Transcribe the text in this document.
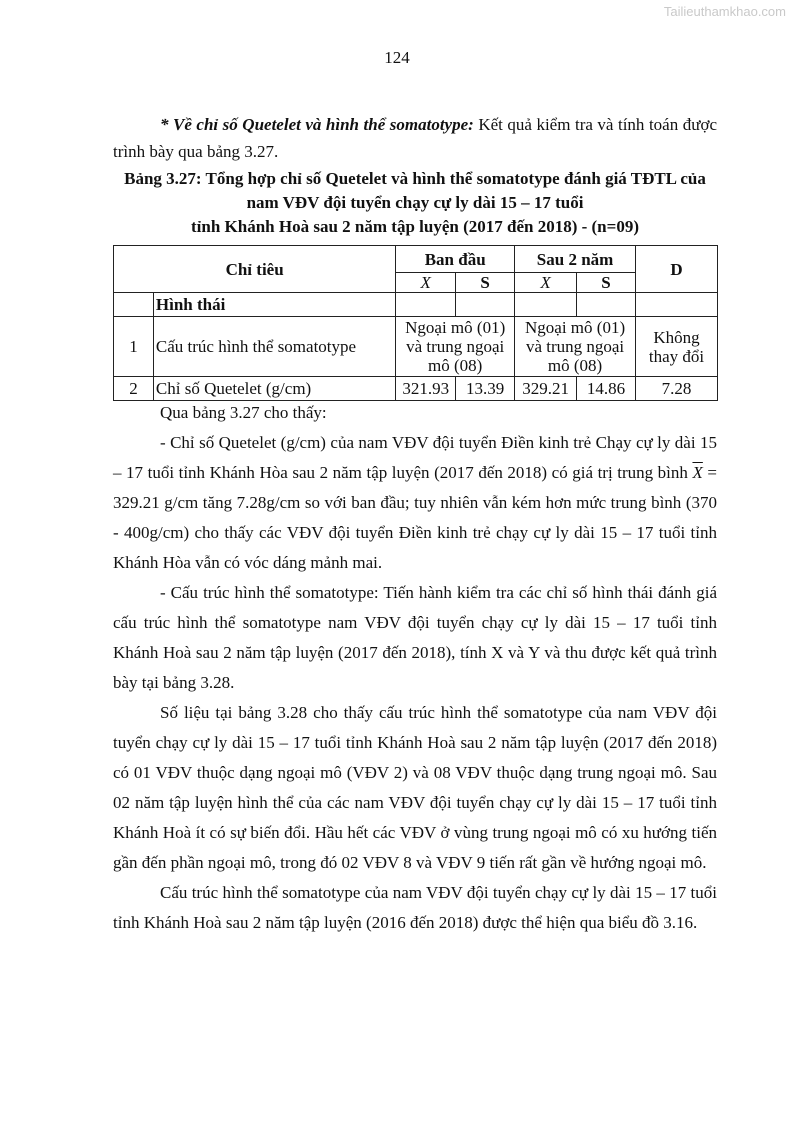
Tailieuthamkhao.com
124
* Về chỉ số Quetelet và hình thể somatotype: Kết quả kiểm tra và tính toán được trình bày qua bảng 3.27.
Bảng 3.27: Tổng hợp chỉ số Quetelet và hình thể somatotype đánh giá TĐTL của
nam VĐV đội tuyển chạy cự ly dài 15 – 17 tuổi
tỉnh Khánh Hoà sau 2 năm tập luyện (2017 đến 2018) - (n=09)
Chỉ tiêu		Ban đầu		Sau 2 năm		D
		$\overline{X}$	S	$\overline{X}$	S	
	Hình thái					
1	Cấu trúc hình thể somatotype	Ngoại mô (01) và trung ngoại mô (08)		Ngoại mô (01) và trung ngoại mô (08)		Không thay đổi
2	Chỉ số Quetelet (g/cm)	321.93	13.39	329.21	14.86	7.28

Qua bảng 3.27 cho thấy:

- Chỉ số Quetelet (g/cm) của nam VĐV đội tuyển Điền kinh trẻ Chạy cự ly dài 15 – 17 tuổi tỉnh Khánh Hòa sau 2 năm tập luyện (2017 đến 2018) có giá trị trung bình $\overline{X} = 329.21$ g/cm tăng 7.28g/cm so với ban đầu; tuy nhiên vẫn kém hơn mức trung bình (370 - 400g/cm) cho thấy các VĐV đội tuyển Điền kinh trẻ chạy cự ly dài 15 – 17 tuổi tỉnh Khánh Hòa vẫn có vóc dáng mảnh mai.

- Cấu trúc hình thể somatotype: Tiến hành kiểm tra các chỉ số hình thái đánh giá cấu trúc hình thể somatotype nam VĐV đội tuyển chạy cự ly dài 15 – 17 tuổi tỉnh Khánh Hoà sau 2 năm tập luyện (2017 đến 2018), tính X và Y và thu được kết quả trình bày tại bảng 3.28.

Số liệu tại bảng 3.28 cho thấy cấu trúc hình thể somatotype của nam VĐV đội tuyển chạy cự ly dài 15 – 17 tuổi tỉnh Khánh Hoà sau 2 năm tập luyện (2017 đến 2018) có 01 VĐV thuộc dạng ngoại mô (VĐV 2) và 08 VĐV thuộc dạng trung ngoại mô. Sau 02 năm tập luyện hình thể của các nam VĐV đội tuyển chạy cự ly dài 15 – 17 tuổi tỉnh Khánh Hoà ít có sự biến đổi. Hầu hết các VĐV ở vùng trung ngoại mô có xu hướng tiến gần đến phần ngoại mô, trong đó 02 VĐV 8 và VĐV 9 tiến rất gần về hướng ngoại mô.

Cấu trúc hình thể somatotype của nam VĐV đội tuyển chạy cự ly dài 15 – 17 tuổi tỉnh Khánh Hoà sau 2 năm tập luyện (2016 đến 2018) được thể hiện qua biểu đồ 3.16.
